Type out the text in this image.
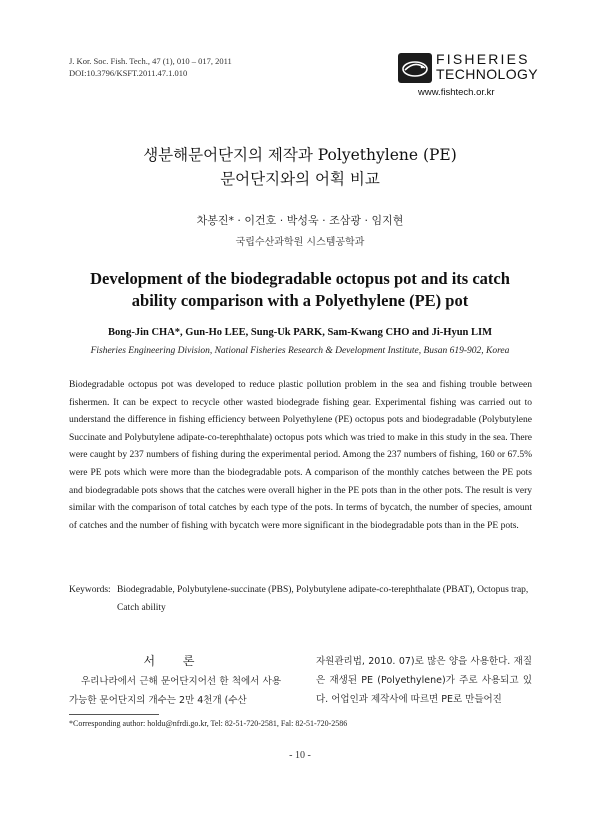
J. Kor. Soc. Fish. Tech., 47 (1), 010 – 017, 2011
DOI:10.3796/KSFT.2011.47.1.010
FISHERIES
TECHNOLOGY
www.fishtech.or.kr
생분해문어단지의 제작과 Polyethylene (PE)
문어단지와의 어획 비교
차봉진* · 이건호 · 박성욱 · 조삼광 · 임지현
국립수산과학원 시스템공학과
Development of the biodegradable octopus pot and its catch
ability comparison with a Polyethylene (PE) pot
Bong-Jin CHA*, Gun-Ho LEE, Sung-Uk PARK, Sam-Kwang CHO and Ji-Hyun LIM
Fisheries Engineering Division, National Fisheries Research & Development Institute, Busan 619-902, Korea
Biodegradable octopus pot was developed to reduce plastic pollution problem in the sea and fishing trouble between fishermen. It can be expect to recycle other wasted biodegrade fishing gear. Experimental fishing was carried out to understand the difference in fishing efficiency between Polyethylene (PE) octopus pots and biodegradable (Polybutylene Succinate and Polybutylene adipate-co-terephthalate) octopus pots which was tried to make in this study in the sea. There were caught by 237 numbers of fishing during the experimental period. Among the 237 numbers of fishing, 160 or 67.5% were PE pots which were more than the biodegradable pots. A comparison of the monthly catches between the PE pots and biodegradable pots shows that the catches were overall higher in the PE pots than in the other pots. The result is very similar with the comparison of total catches by each type of the pots. In terms of bycatch, the number of species, amount of catches and the number of fishing with bycatch were more significant in the biodegradable pots than in the PE pots.
Keywords: Biodegradable, Polybutylene-succinate (PBS), Polybutylene adipate-co-terephthalate (PBAT), Octopus trap, Catch ability
서 론
우리나라에서 근해 문어단지어선 한 척에서 사용가능한 문어단지의 개수는 2만 4천개 (수산
자원관리법, 2010. 07)로 많은 양을 사용한다. 재질은 재생된 PE (Polyethylene)가 주로 사용되고 있다. 어업인과 제작사에 따르면 PE로 만들어진
*Corresponding author: holdu@nfrdi.go.kr, Tel: 82-51-720-2581, Fal: 82-51-720-2586
- 10 -
